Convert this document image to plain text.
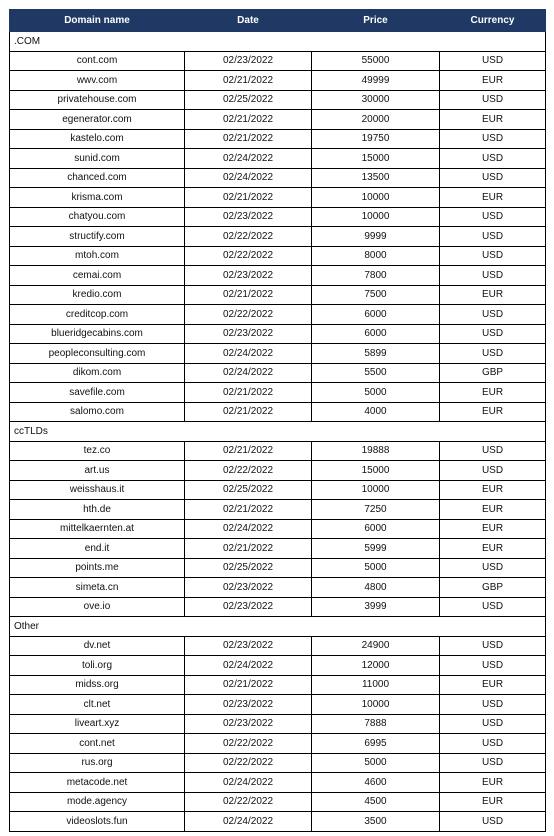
Domain name	Date	Price	Currency
.COM			
cont.com	02/23/2022	55000	USD
wwv.com	02/21/2022	49999	EUR
privatehouse.com	02/25/2022	30000	USD
egenerator.com	02/21/2022	20000	EUR
kastelo.com	02/21/2022	19750	USD
sunid.com	02/24/2022	15000	USD
chanced.com	02/24/2022	13500	USD
krisma.com	02/21/2022	10000	EUR
chatyou.com	02/23/2022	10000	USD
structify.com	02/22/2022	9999	USD
mtoh.com	02/22/2022	8000	USD
cemai.com	02/23/2022	7800	USD
kredio.com	02/21/2022	7500	EUR
creditcop.com	02/22/2022	6000	USD
blueridgecabins.com	02/23/2022	6000	USD
peopleconsulting.com	02/24/2022	5899	USD
dikom.com	02/24/2022	5500	GBP
savefile.com	02/21/2022	5000	EUR
salomo.com	02/21/2022	4000	EUR
ccTLDs			
tez.co	02/21/2022	19888	USD
art.us	02/22/2022	15000	USD
weisshaus.it	02/25/2022	10000	EUR
hth.de	02/21/2022	7250	EUR
mittelkaernten.at	02/24/2022	6000	EUR
end.it	02/21/2022	5999	EUR
points.me	02/25/2022	5000	USD
simeta.cn	02/23/2022	4800	GBP
ove.io	02/23/2022	3999	USD
Other			
dv.net	02/23/2022	24900	USD
toli.org	02/24/2022	12000	USD
midss.org	02/21/2022	11000	EUR
clt.net	02/23/2022	10000	USD
liveart.xyz	02/23/2022	7888	USD
cont.net	02/22/2022	6995	USD
rus.org	02/22/2022	5000	USD
metacode.net	02/24/2022	4600	EUR
mode.agency	02/22/2022	4500	EUR
videoslots.fun	02/24/2022	3500	USD
